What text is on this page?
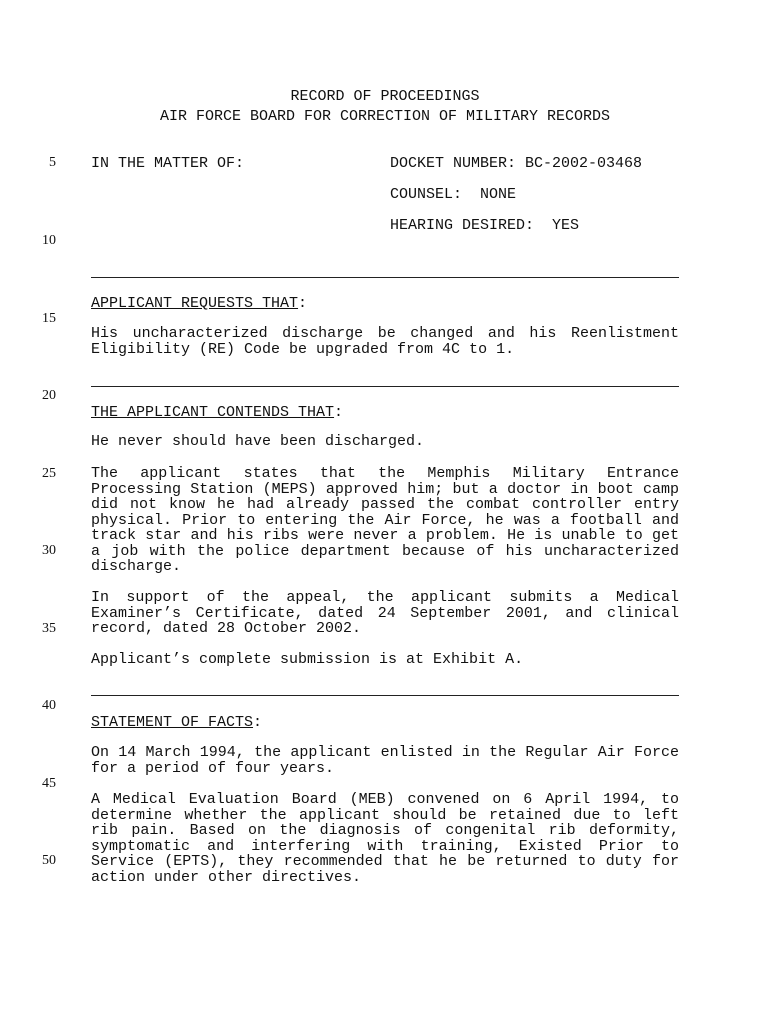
RECORD OF PROCEEDINGS
AIR FORCE BOARD FOR CORRECTION OF MILITARY RECORDS
5
10
15
20
25
30
35
40
45
50
IN THE MATTER OF:	DOCKET NUMBER: BC-2002-03468
COUNSEL:  NONE
HEARING DESIRED:  YES
APPLICANT REQUESTS THAT:
His uncharacterized discharge be changed and his Reenlistment Eligibility (RE) Code be upgraded from 4C to 1.
THE APPLICANT CONTENDS THAT:
He never should have been discharged.
The applicant states that the Memphis Military Entrance Processing Station (MEPS) approved him; but a doctor in boot camp did not know he had already passed the combat controller entry physical. Prior to entering the Air Force, he was a football and track star and his ribs were never a problem. He is unable to get a job with the police department because of his uncharacterized discharge.
In support of the appeal, the applicant submits a Medical Examiner’s Certificate, dated 24 September 2001, and clinical record, dated 28 October 2002.
Applicant’s complete submission is at Exhibit A.
STATEMENT OF FACTS:
On 14 March 1994, the applicant enlisted in the Regular Air Force for a period of four years.
A Medical Evaluation Board (MEB) convened on 6 April 1994, to determine whether the applicant should be retained due to left rib pain. Based on the diagnosis of congenital rib deformity, symptomatic and interfering with training, Existed Prior to Service (EPTS), they recommended that he be returned to duty for action under other directives.
